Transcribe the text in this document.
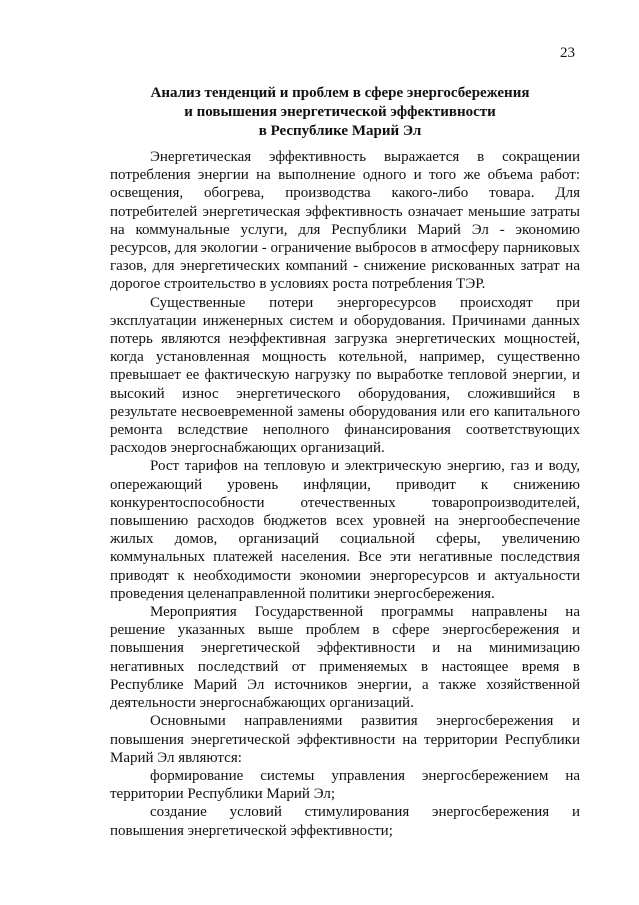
23
Анализ тенденций и проблем в сфере энергосбережения
и повышения энергетической эффективности
в Республике Марий Эл

Энергетическая эффективность выражается в сокращении потребления энергии на выполнение одного и того же объема работ: освещения, обогрева, производства какого-либо товара. Для потребителей энергетическая эффективность означает меньшие затраты на коммунальные услуги, для Республики Марий Эл - экономию ресурсов, для экологии - ограничение выбросов в атмосферу парниковых газов, для энергетических компаний - снижение рискованных затрат на дорогое строительство в условиях роста потребления ТЭР.

Существенные потери энергоресурсов происходят при эксплуатации инженерных систем и оборудования. Причинами данных потерь являются неэффективная загрузка энергетических мощностей, когда установленная мощность котельной, например, существенно превышает ее фактическую нагрузку по выработке тепловой энергии, и высокий износ энергетического оборудования, сложившийся в результате несвоевременной замены оборудования или его капитального ремонта вследствие неполного финансирования соответствующих расходов энергоснабжающих организаций.

Рост тарифов на тепловую и электрическую энергию, газ и воду, опережающий уровень инфляции, приводит к снижению конкурентоспособности отечественных товаропроизводителей, повышению расходов бюджетов всех уровней на энергообеспечение жилых домов, организаций социальной сферы, увеличению коммунальных платежей населения. Все эти негативные последствия приводят к необходимости экономии энергоресурсов и актуальности проведения целенаправленной политики энергосбережения.

Мероприятия Государственной программы направлены на решение указанных выше проблем в сфере энергосбережения и повышения энергетической эффективности и на минимизацию негативных последствий от применяемых в настоящее время в Республике Марий Эл источников энергии, а также хозяйственной деятельности энергоснабжающих организаций.

Основными направлениями развития энергосбережения и повышения энергетической эффективности на территории Республики Марий Эл являются:

формирование системы управления энергосбережением на территории Республики Марий Эл;

создание условий стимулирования энергосбережения и повышения энергетической эффективности;
